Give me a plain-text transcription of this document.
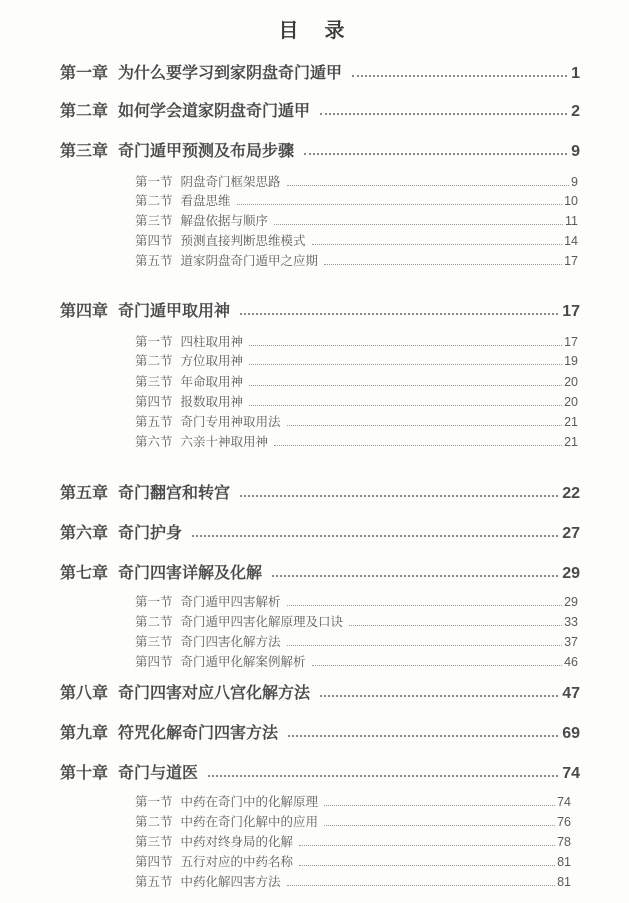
目录
第一章 为什么要学习到家阴盘奇门遁甲	1
第二章 如何学会道家阴盘奇门遁甲	2
第三章 奇门遁甲预测及布局步骤	9
第一节 阴盘奇门框架思路	9
第二节 看盘思维	10
第三节 解盘依据与顺序	11
第四节 预测直接判断思维模式	14
第五节 道家阴盘奇门遁甲之应期	17
第四章 奇门遁甲取用神	17
第一节 四柱取用神	17
第二节 方位取用神	19
第三节 年命取用神	20
第四节 报数取用神	20
第五节 奇门专用神取用法	21
第六节 六亲十神取用神	21
第五章 奇门翻宫和转宫	22
第六章 奇门护身	27
第七章 奇门四害详解及化解	29
第一节 奇门遁甲四害解析	29
第二节 奇门遁甲四害化解原理及口诀	33
第三节 奇门四害化解方法	37
第四节 奇门遁甲化解案例解析	46
第八章 奇门四害对应八宫化解方法	47
第九章 符咒化解奇门四害方法	69
第十章 奇门与道医	74
第一节 中药在奇门中的化解原理	74
第二节 中药在奇门化解中的应用	76
第三节 中药对终身局的化解	78
第四节 五行对应的中药名称	81
第五节 中药化解四害方法	81
